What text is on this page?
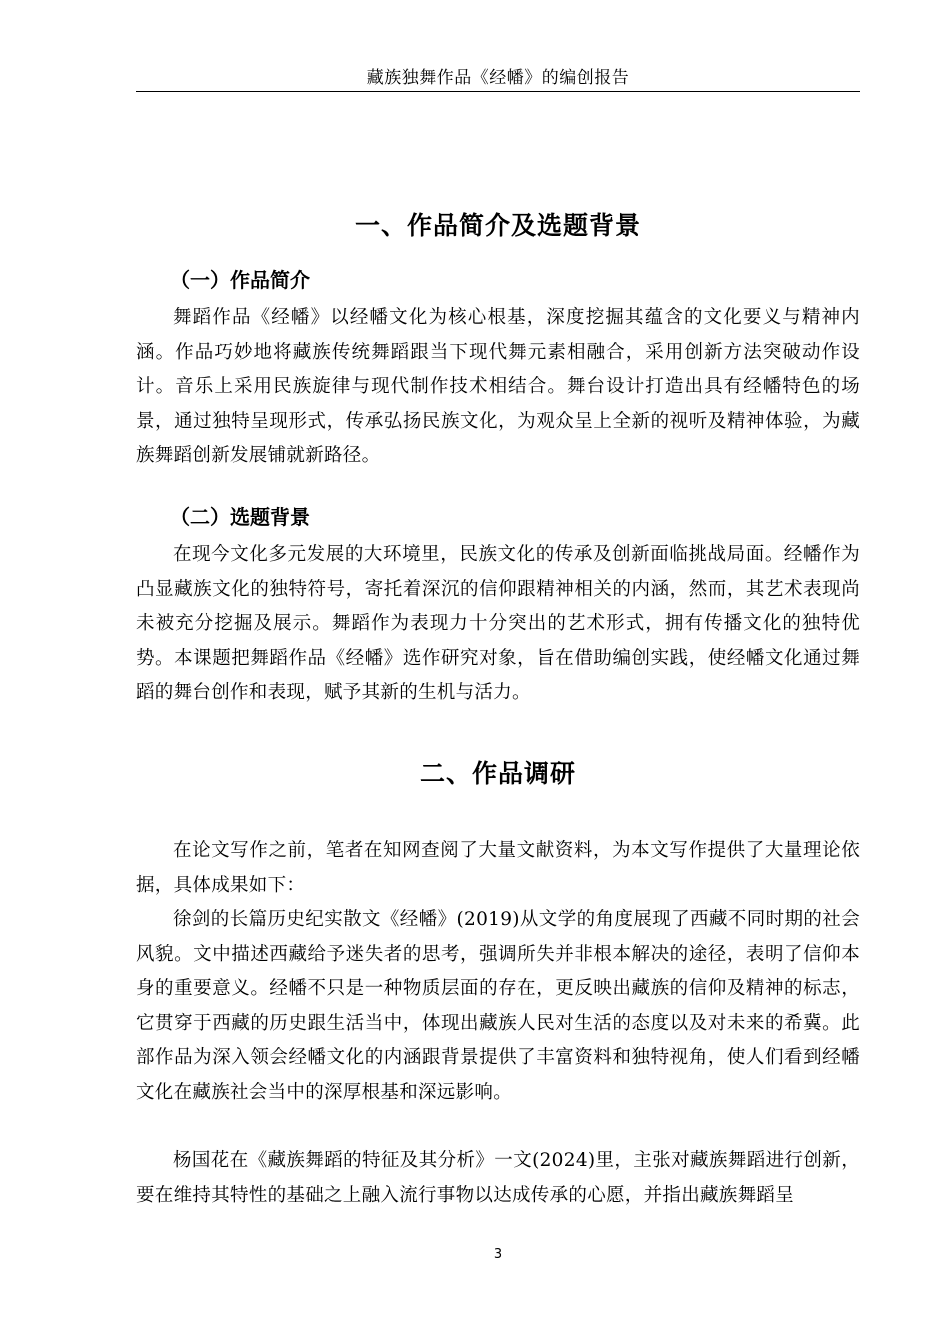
藏族独舞作品《经幡》的编创报告
一、作品简介及选题背景
（一）作品简介

舞蹈作品《经幡》以经幡文化为核心根基，深度挖掘其蕴含的文化要义与精神内涵。作品巧妙地将藏族传统舞蹈跟当下现代舞元素相融合，采用创新方法突破动作设计。音乐上采用民族旋律与现代制作技术相结合。舞台设计打造出具有经幡特色的场景，通过独特呈现形式，传承弘扬民族文化，为观众呈上全新的视听及精神体验，为藏族舞蹈创新发展铺就新路径。

（二）选题背景

在现今文化多元发展的大环境里，民族文化的传承及创新面临挑战局面。经幡作为凸显藏族文化的独特符号，寄托着深沉的信仰跟精神相关的内涵，然而，其艺术表现尚未被充分挖掘及展示。舞蹈作为表现力十分突出的艺术形式，拥有传播文化的独特优势。本课题把舞蹈作品《经幡》选作研究对象，旨在借助编创实践，使经幡文化通过舞蹈的舞台创作和表现，赋予其新的生机与活力。

二、作品调研

在论文写作之前，笔者在知网查阅了大量文献资料，为本文写作提供了大量理论依据，具体成果如下：

徐剑的长篇历史纪实散文《经幡》(2019)从文学的角度展现了西藏不同时期的社会风貌。文中描述西藏给予迷失者的思考，强调所失并非根本解决的途径，表明了信仰本身的重要意义。经幡不只是一种物质层面的存在，更反映出藏族的信仰及精神的标志，它贯穿于西藏的历史跟生活当中，体现出藏族人民对生活的态度以及对未来的希冀。此部作品为深入领会经幡文化的内涵跟背景提供了丰富资料和独特视角，使人们看到经幡文化在藏族社会当中的深厚根基和深远影响。

杨国花在《藏族舞蹈的特征及其分析》一文(2024)里，主张对藏族舞蹈进行创新，要在维持其特性的基础之上融入流行事物以达成传承的心愿，并指出藏族舞蹈呈

3
